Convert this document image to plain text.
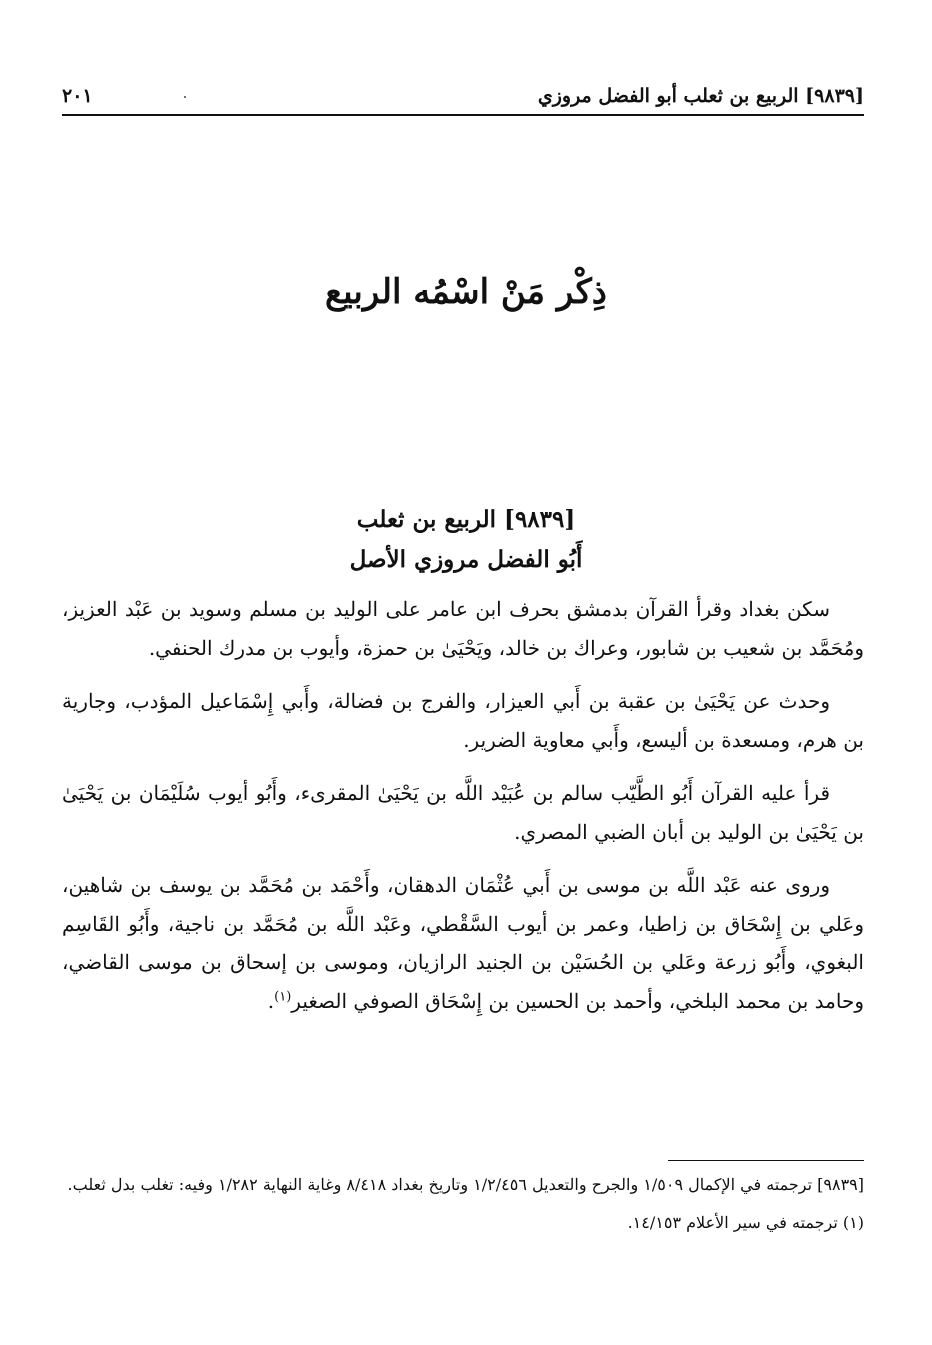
[٩٨٣٩] الربيع بن ثعلب أبو الفضل مروزي
٢٠١
ذِكْر مَنْ اسْمُه الربيع
[٩٨٣٩] الربيع بن ثعلب
أَبُو الفضل مروزي الأصل

سكن بغداد وقرأ القرآن بدمشق بحرف ابن عامر على الوليد بن مسلم وسويد بن عَبْد العزيز، ومُحَمَّد بن شعيب بن شابور، وعراك بن خالد، ويَحْيَىٰ بن حمزة، وأيوب بن مدرك الحنفي.

وحدث عن يَحْيَىٰ بن عقبة بن أَبي العيزار، والفرج بن فضالة، وأَبي إِسْمَاعيل المؤدب، وجارية بن هرم، ومسعدة بن أليسع، وأَبي معاوية الضرير.

قرأ عليه القرآن أَبُو الطَّيّب سالم بن عُبَيْد اللَّه بن يَحْيَىٰ المقرىء، وأَبُو أيوب سُلَيْمَان بن يَحْيَىٰ بن يَحْيَىٰ بن الوليد بن أبان الضبي المصري.

وروى عنه عَبْد اللَّه بن موسى بن أَبي عُثْمَان الدهقان، وأَحْمَد بن مُحَمَّد بن يوسف بن شاهين، وعَلي بن إِسْحَاق بن زاطيا، وعمر بن أيوب السَّقْطي، وعَبْد اللَّه بن مُحَمَّد بن ناجية، وأَبُو القَاسِم البغوي، وأَبُو زرعة وعَلي بن الحُسَيْن بن الجنيد الرازيان، وموسى بن إسحاق بن موسى القاضي، وحامد بن محمد البلخي، وأحمد بن الحسين بن إِسْحَاق الصوفي الصغير$^{(١)}$.

[٩٨٣٩] ترجمته في الإكمال ١/٥٠٩ والجرح والتعديل ١/٢/٤٥٦ وتاريخ بغداد ٨/٤١٨ وغاية النهاية ١/٢٨٢ وفيه: تغلب بدل ثعلب.

(١) ترجمته في سير الأعلام ١٤/١٥٣.
